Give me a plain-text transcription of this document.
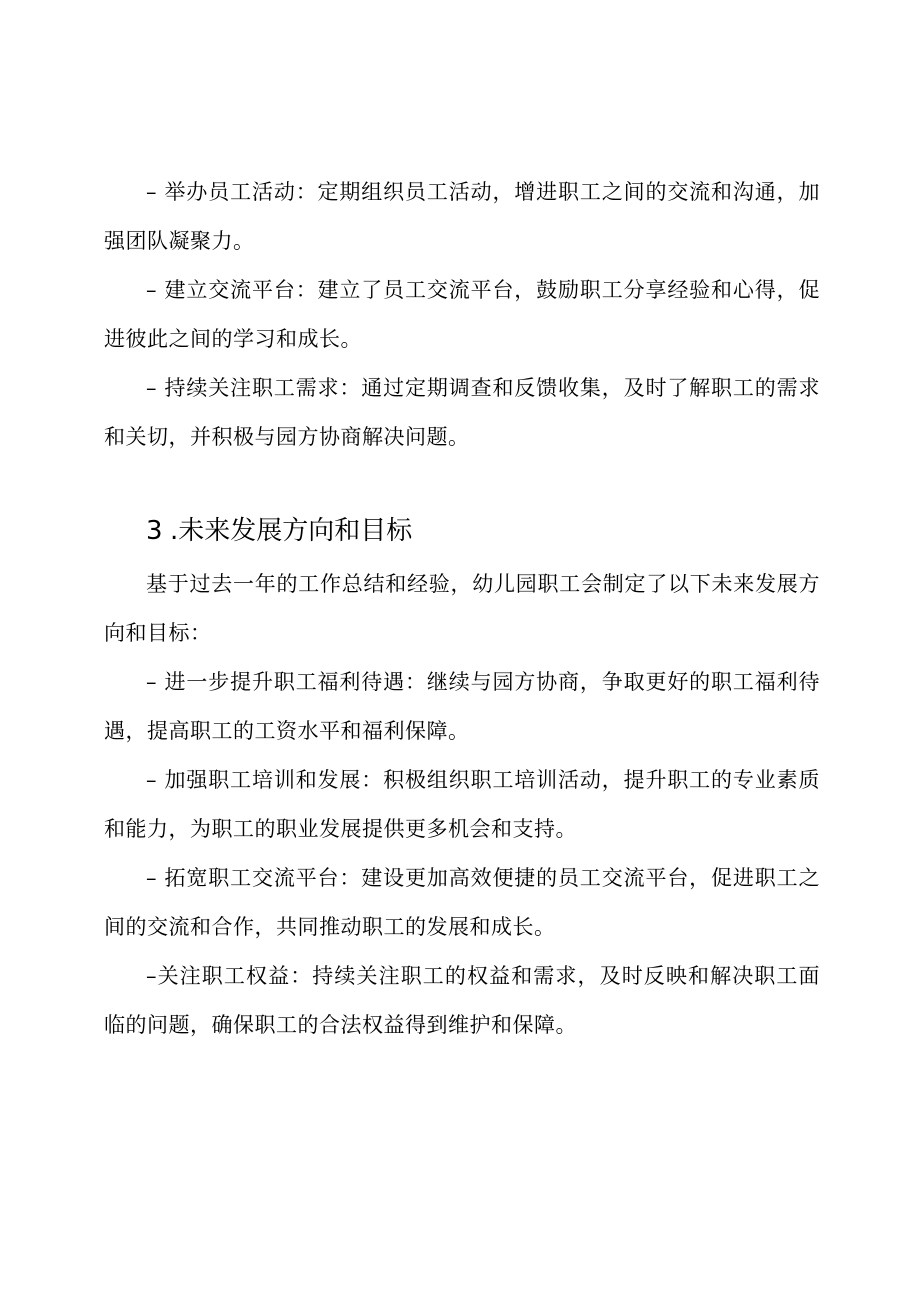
– 举办员工活动：定期组织员工活动，增进职工之间的交流和沟通，加强团队凝聚力。

– 建立交流平台：建立了员工交流平台，鼓励职工分享经验和心得，促进彼此之间的学习和成长。

– 持续关注职工需求：通过定期调查和反馈收集，及时了解职工的需求和关切，并积极与园方协商解决问题。

3 .未来发展方向和目标

基于过去一年的工作总结和经验，幼儿园职工会制定了以下未来发展方向和目标：

– 进一步提升职工福利待遇：继续与园方协商，争取更好的职工福利待遇，提高职工的工资水平和福利保障。

– 加强职工培训和发展：积极组织职工培训活动，提升职工的专业素质和能力，为职工的职业发展提供更多机会和支持。

– 拓宽职工交流平台：建设更加高效便捷的员工交流平台，促进职工之间的交流和合作，共同推动职工的发展和成长。

–关注职工权益：持续关注职工的权益和需求，及时反映和解决职工面临的问题，确保职工的合法权益得到维护和保障。
